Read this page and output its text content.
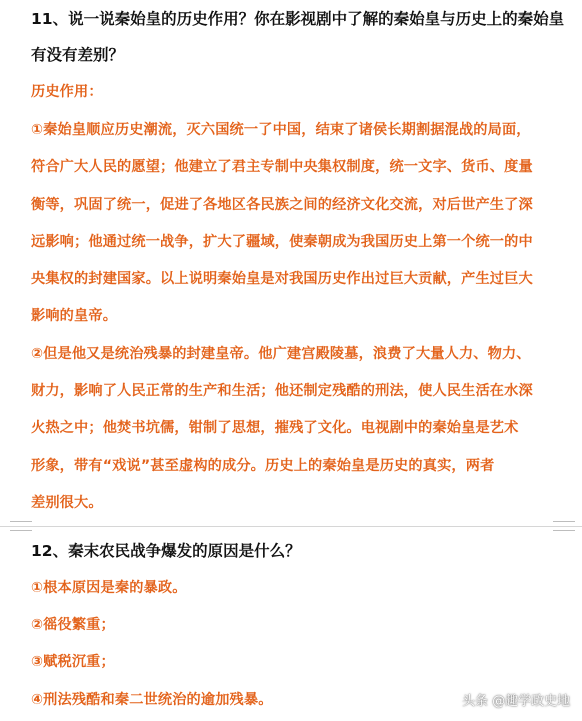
11、说一说秦始皇的历史作用？你在影视剧中了解的秦始皇与历史上的秦始皇
有没有差别？
历史作用：
①秦始皇顺应历史潮流，灭六国统一了中国，结束了诸侯长期割据混战的局面，
符合广大人民的愿望；他建立了君主专制中央集权制度，统一文字、货币、度量
衡等，巩固了统一，促进了各地区各民族之间的经济文化交流，对后世产生了深
远影响；他通过统一战争，扩大了疆域，使秦朝成为我国历史上第一个统一的中
央集权的封建国家。以上说明秦始皇是对我国历史作出过巨大贡献，产生过巨大
影响的皇帝。
②但是他又是统治残暴的封建皇帝。他广建宫殿陵墓，浪费了大量人力、物力、
财力，影响了人民正常的生产和生活；他还制定残酷的刑法，使人民生活在水深
火热之中；他焚书坑儒，钳制了思想，摧残了文化。电视剧中的秦始皇是艺术
形象，带有“戏说”甚至虚构的成分。历史上的秦始皇是历史的真实，两者
差别很大。
12、秦末农民战争爆发的原因是什么？
①根本原因是秦的暴政。
②徭役繁重；
③赋税沉重；
④刑法残酷和秦二世统治的逾加残暴。	头条 @趣学政史地
